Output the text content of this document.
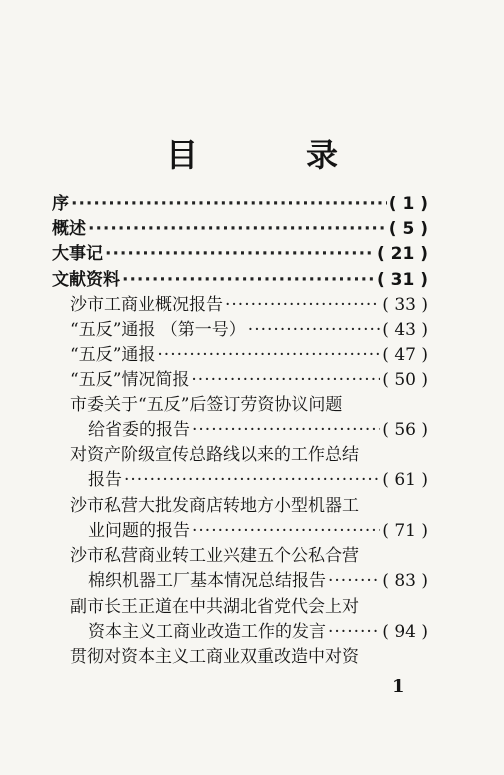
目　录
序 ·····	( 1 )
概述 ·····	( 5 )
大事记 ·····	( 21 )
文献资料 ·····	( 31 )
沙市工商业概况报告 ·····	( 33 )
“五反”通报 （第一号） ·····	( 43 )
“五反”通报 ·····	( 47 )
“五反”情况简报 ·····	( 50 )
市委关于“五反”后签订劳资协议问题
给省委的报告 ·····	( 56 )
对资产阶级宣传总路线以来的工作总结
报告 ·····	( 61 )
沙市私营大批发商店转地方小型机器工
业问题的报告 ·····	( 71 )
沙市私营商业转工业兴建五个公私合营
棉织机器工厂基本情况总结报告 ·····	( 83 )
副市长王正道在中共湖北省党代会上对
资本主义工商业改造工作的发言 ·····	( 94 )
贯彻对资本主义工商业双重改造中对资
1
